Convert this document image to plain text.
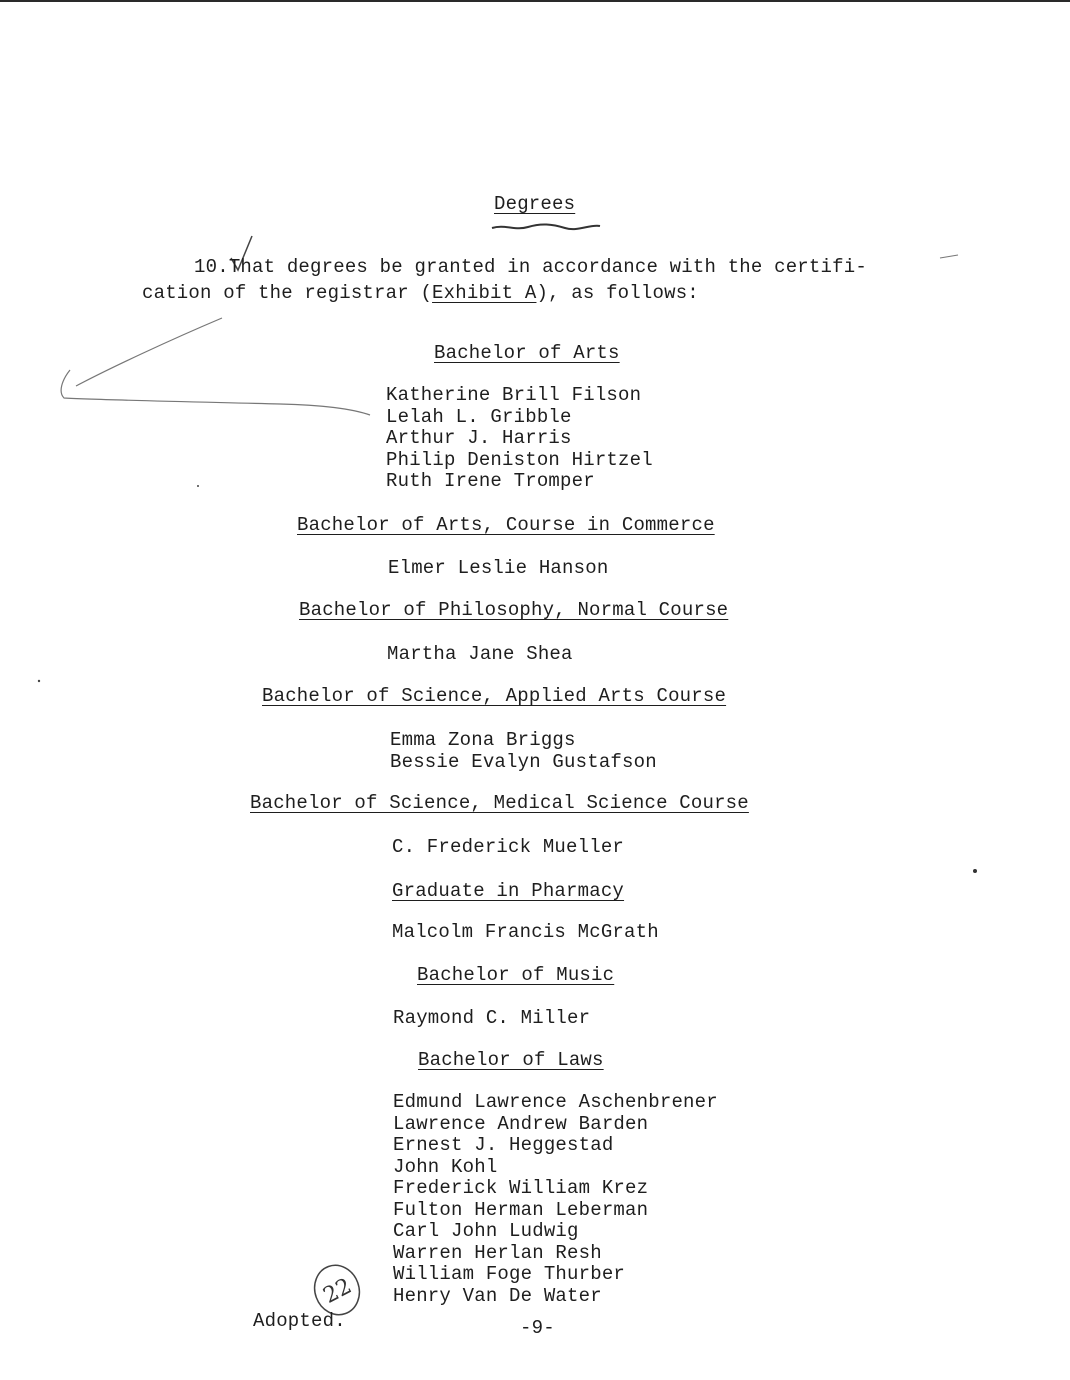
22
Degrees
10.That degrees be granted in accordance with the certifi-
cation of the registrar (Exhibit A), as follows:
Bachelor of Arts
Katherine Brill Filson
Lelah L. Gribble
Arthur J. Harris
Philip Deniston Hirtzel
Ruth Irene Tromper
Bachelor of Arts, Course in Commerce
Elmer Leslie Hanson
Bachelor of Philosophy, Normal Course
Martha Jane Shea
Bachelor of Science, Applied Arts Course
Emma Zona Briggs
Bessie Evalyn Gustafson
Bachelor of Science, Medical Science Course
C. Frederick Mueller
Graduate in Pharmacy
Malcolm Francis McGrath
Bachelor of Music
Raymond C. Miller
Bachelor of Laws
Edmund Lawrence Aschenbrener
Lawrence Andrew Barden
Ernest J. Heggestad
John Kohl
Frederick William Krez
Fulton Herman Leberman
Carl John Ludwig
Warren Herlan Resh
William Foge Thurber
Henry Van De Water
Adopted.	-9-
